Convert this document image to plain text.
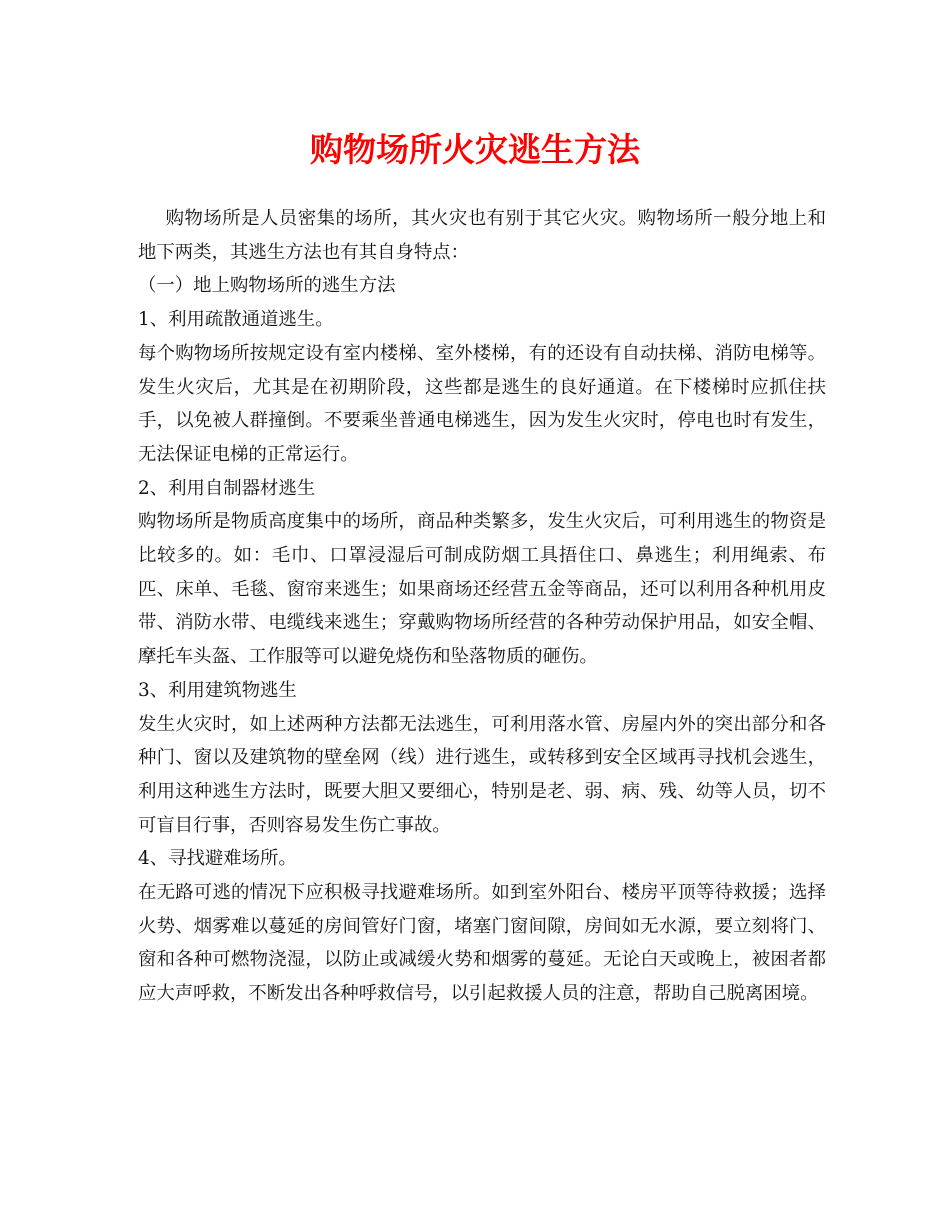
购物场所火灾逃生方法

购物场所是人员密集的场所，其火灾也有别于其它火灾。购物场所一般分地上和地下两类，其逃生方法也有其自身特点：

（一）地上购物场所的逃生方法

1、利用疏散通道逃生。

每个购物场所按规定设有室内楼梯、室外楼梯，有的还设有自动扶梯、消防电梯等。发生火灾后，尤其是在初期阶段，这些都是逃生的良好通道。在下楼梯时应抓住扶手，以免被人群撞倒。不要乘坐普通电梯逃生，因为发生火灾时，停电也时有发生，无法保证电梯的正常运行。

2、利用自制器材逃生

购物场所是物质高度集中的场所，商品种类繁多，发生火灾后，可利用逃生的物资是比较多的。如：毛巾、口罩浸湿后可制成防烟工具捂住口、鼻逃生；利用绳索、布匹、床单、毛毯、窗帘来逃生；如果商场还经营五金等商品，还可以利用各种机用皮带、消防水带、电缆线来逃生；穿戴购物场所经营的各种劳动保护用品，如安全帽、摩托车头盔、工作服等可以避免烧伤和坠落物质的砸伤。

3、利用建筑物逃生

发生火灾时，如上述两种方法都无法逃生，可利用落水管、房屋内外的突出部分和各种门、窗以及建筑物的壁垒网（线）进行逃生，或转移到安全区域再寻找机会逃生，利用这种逃生方法时，既要大胆又要细心，特别是老、弱、病、残、幼等人员，切不可盲目行事，否则容易发生伤亡事故。

4、寻找避难场所。

在无路可逃的情况下应积极寻找避难场所。如到室外阳台、楼房平顶等待救援；选择火势、烟雾难以蔓延的房间管好门窗，堵塞门窗间隙，房间如无水源，要立刻将门、窗和各种可燃物浇湿，以防止或减缓火势和烟雾的蔓延。无论白天或晚上，被困者都应大声呼救，不断发出各种呼救信号，以引起救援人员的注意，帮助自己脱离困境。
